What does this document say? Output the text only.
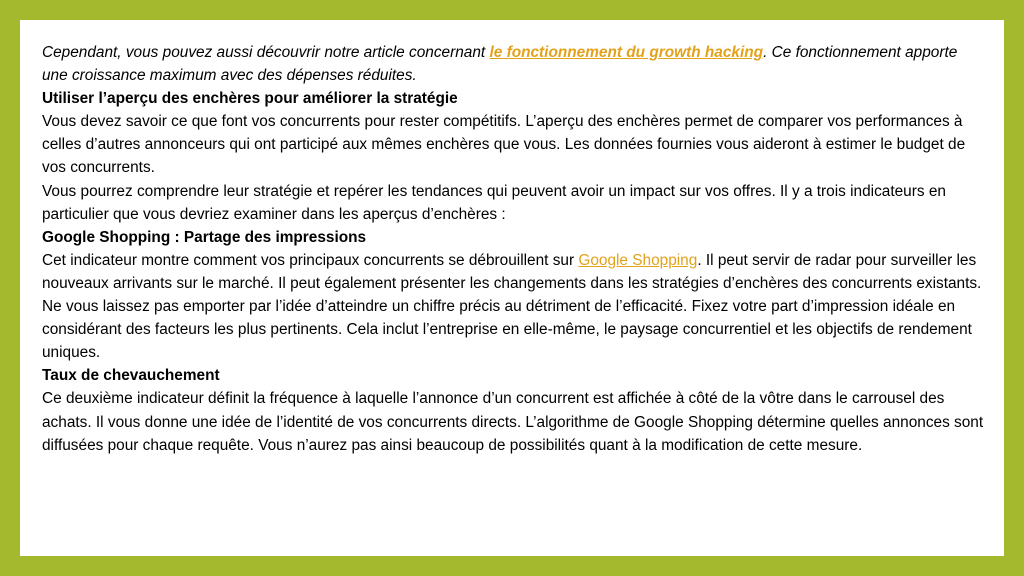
Cependant, vous pouvez aussi découvrir notre article concernant le fonctionnement du growth hacking. Ce fonctionnement apporte une croissance maximum avec des dépenses réduites.

Utiliser l’aperçu des enchères pour améliorer la stratégie

Vous devez savoir ce que font vos concurrents pour rester compétitifs. L’aperçu des enchères permet de comparer vos performances à celles d’autres annonceurs qui ont participé aux mêmes enchères que vous. Les données fournies vous aideront à estimer le budget de vos concurrents.

Vous pourrez comprendre leur stratégie et repérer les tendances qui peuvent avoir un impact sur vos offres. Il y a trois indicateurs en particulier que vous devriez examiner dans les aperçus d’enchères :

Google Shopping : Partage des impressions

Cet indicateur montre comment vos principaux concurrents se débrouillent sur Google Shopping. Il peut servir de radar pour surveiller les nouveaux arrivants sur le marché. Il peut également présenter les changements dans les stratégies d’enchères des concurrents existants.

Ne vous laissez pas emporter par l’idée d’atteindre un chiffre précis au détriment de l’efficacité. Fixez votre part d’impression idéale en considérant des facteurs les plus pertinents. Cela inclut l’entreprise en elle-même, le paysage concurrentiel et les objectifs de rendement uniques.

Taux de chevauchement

Ce deuxième indicateur définit la fréquence à laquelle l’annonce d’un concurrent est affichée à côté de la vôtre dans le carrousel des achats. Il vous donne une idée de l’identité de vos concurrents directs. L’algorithme de Google Shopping détermine quelles annonces sont diffusées pour chaque requête. Vous n’aurez pas ainsi beaucoup de possibilités quant à la modification de cette mesure.
